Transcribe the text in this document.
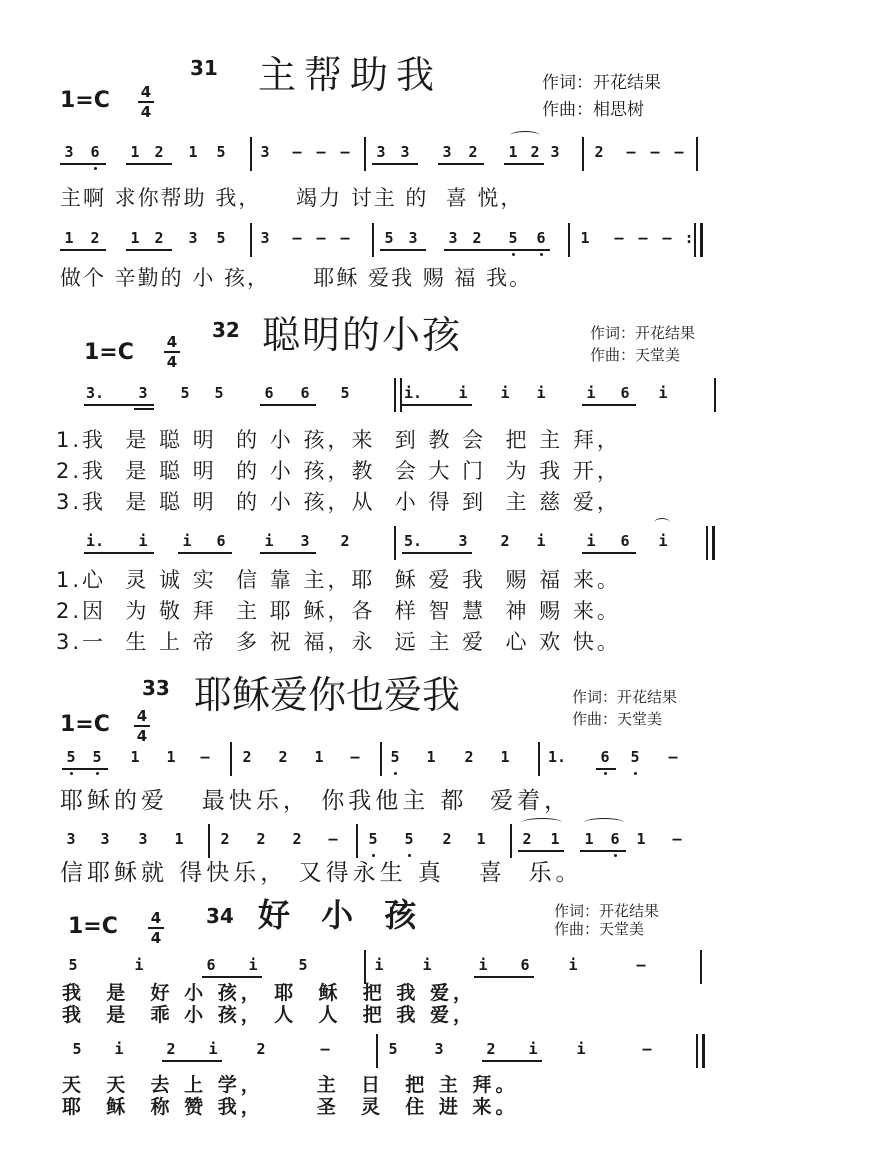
31 主帮助我
1=C 4
4
作词：开花结果
作曲：相思树
3 6 1 2 1 5 3 – – – 3 3 3 2 1 2 3 2 – – –
主啊 求你帮助 我，    竭力 讨主 的  喜 悦，
1 2 1 2 3 5 3 – – – 5 3 3 2 5 6 1 – – – :
做个 辛勤的 小 孩，     耶稣 爱我 赐 福 我。
32 聪明的小孩
1=C 4
4
作词：开花结果
作曲：天堂美
3. 3 5 5	6 6 5	i. i i i	i 6 i
1.我  是 聪 明  的 小 孩，来  到 教 会  把 主 拜，
2.我  是 聪 明  的 小 孩，教  会 大 门  为 我 开，
3.我  是 聪 明  的 小 孩，从  小 得 到  主 慈 爱，
i. i i 6	i 3 2	5. 3 2 i	i 6 i
1.心  灵 诚 实  信 靠 主，耶  稣 爱 我  赐 福 来。
2.因  为 敬 拜  主 耶 稣，各  样 智 慧  神 赐 来。
3.一  生 上 帝  多 祝 福，永  远 主 爱  心 欢 快。
33 耶稣爱你也爱我
1=C 4
4
作词：开花结果
作曲：天堂美
5 5 1 1 – 2 2 1 – 5 1 2 1	1. 6 5 –
耶稣的爱   最快乐， 你我他主 都  爱着，
3 3 3 1 2 2 2 – 5 5 2 1 2 1 1 6 1 –
信耶稣就 得快乐， 又得永生 真   喜  乐。
1=C 4
4
34 好 小 孩	作词：开花结果
作曲：天堂美
5	i	6 i	5	i	i	i 6	i	–
我  是  好 小 孩， 耶  稣  把 我 爱，
我  是  乖 小 孩， 人  人  把 我 爱，
5 i	2 i	2	–	5 3	2 i	i	–
天  天  去 上 学，     主  日  把 主 拜。
耶  稣  称 赞 我，     圣  灵  住 进 来。
